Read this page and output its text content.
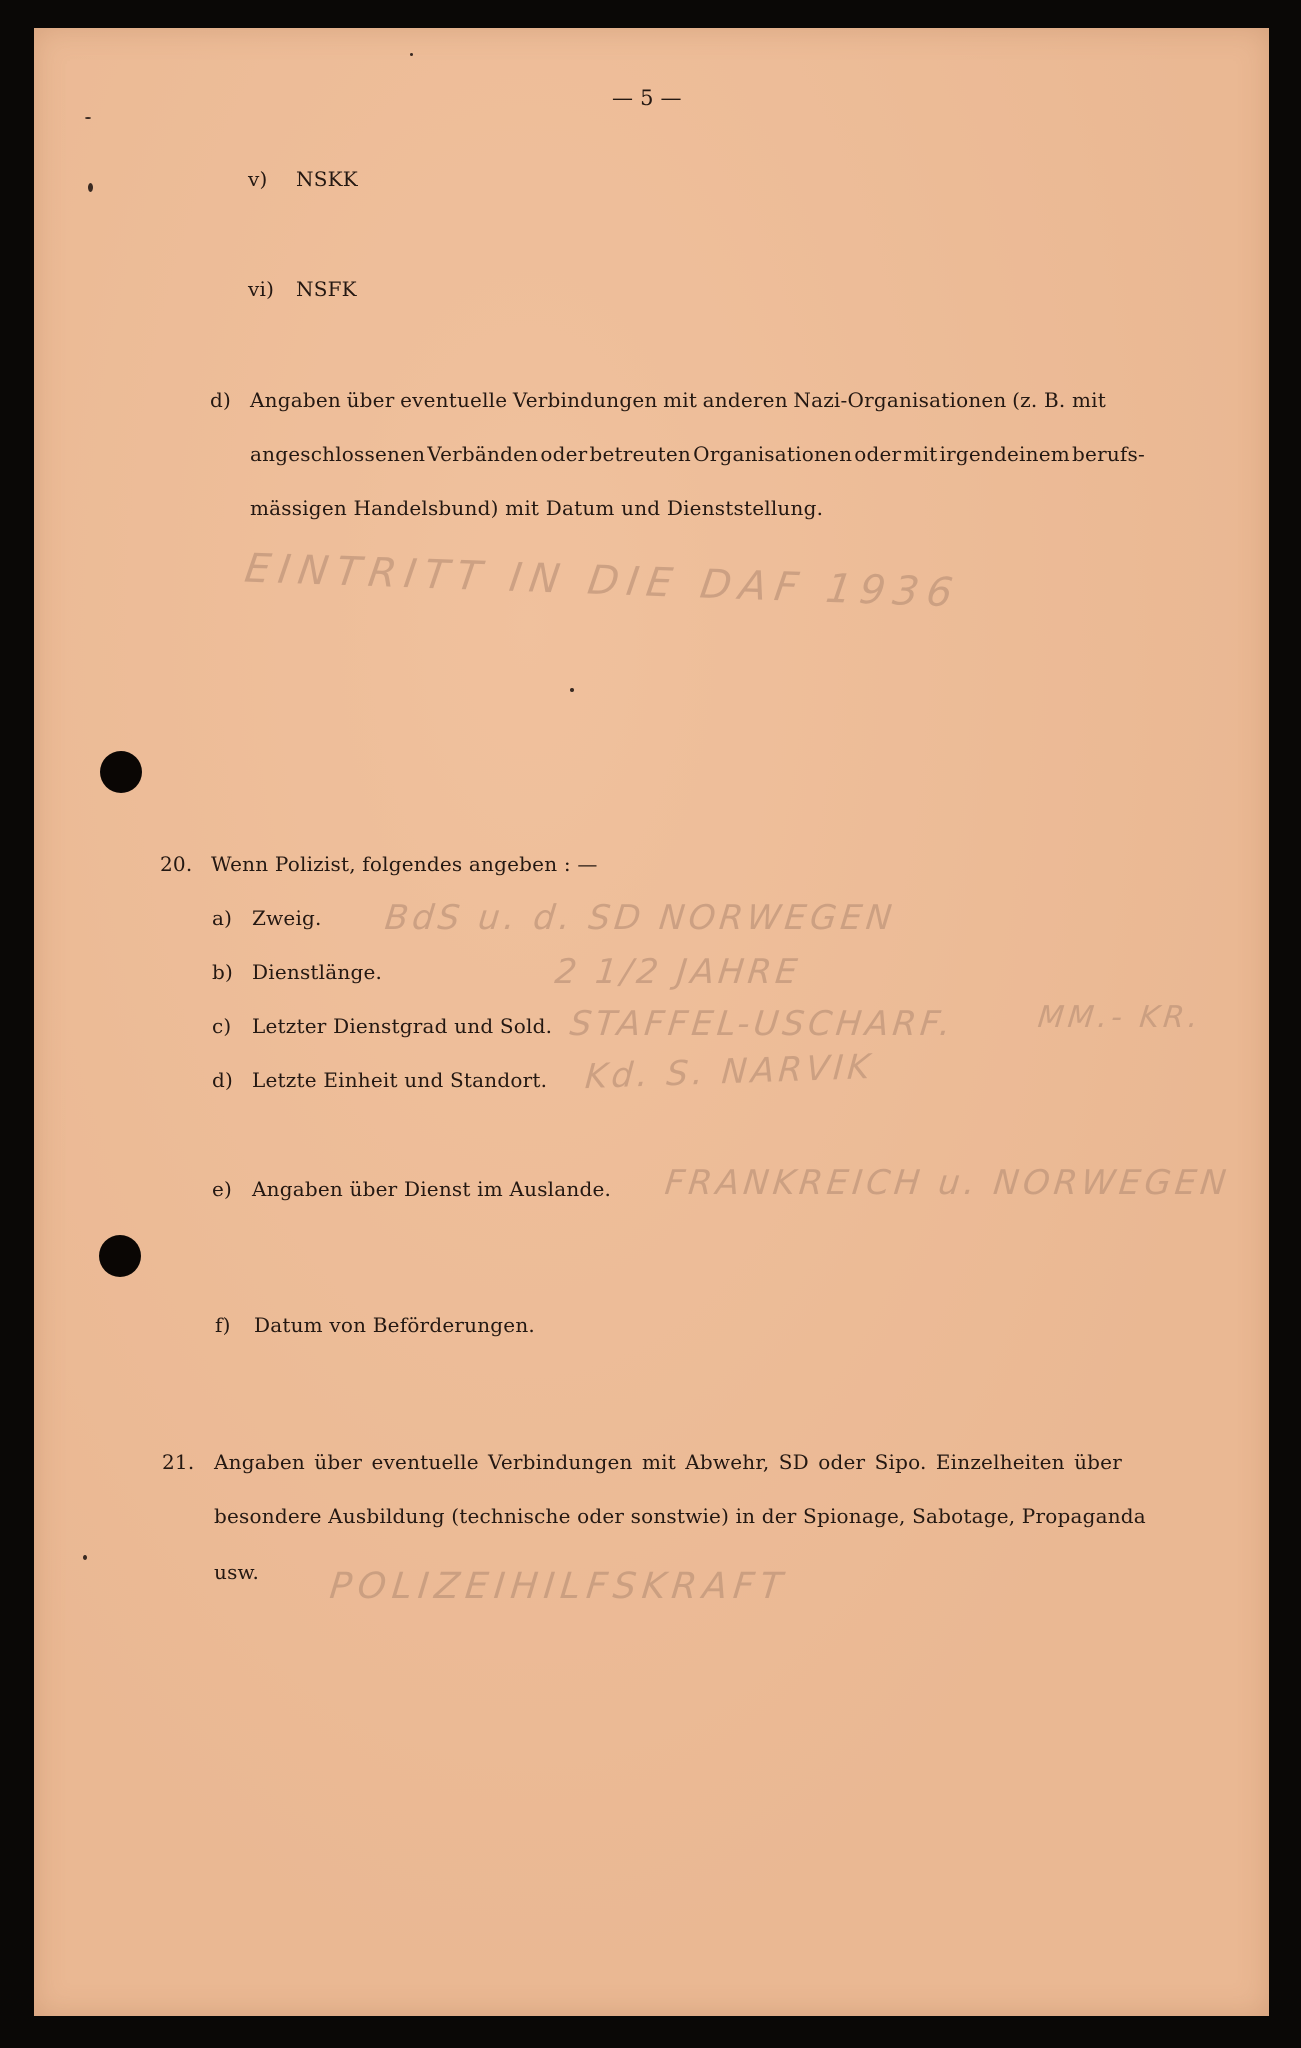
— 5 —
v) NSKK
vi) NSFK
d) Angaben über eventuelle Verbindungen mit anderen Nazi-Organisationen (z. B. mit
angeschlossenen Verbänden oder betreuten Organisationen oder mit irgendeinem berufs-
mässigen Handelsbund) mit Datum und Dienststellung.
EINTRITT IN DIE DAF 1936
20. Wenn Polizist, folgendes angeben : —
a) Zweig. BdS u. d. SD NORWEGEN
b) Dienstlänge.	2 1/2 JAHRE
c) Letzter Dienstgrad und Sold. STAFFEL-USCHARF.	MM.- KR.
d) Letzte Einheit und Standort. Kd. S. NARVIK
e) Angaben über Dienst im Auslande. FRANKREICH u. NORWEGEN
f) Datum von Beförderungen.
21. Angaben über eventuelle Verbindungen mit Abwehr, SD oder Sipo. Einzelheiten über
besondere Ausbildung (technische oder sonstwie) in der Spionage, Sabotage, Propaganda
usw. POLIZEIHILFSKRAFT
